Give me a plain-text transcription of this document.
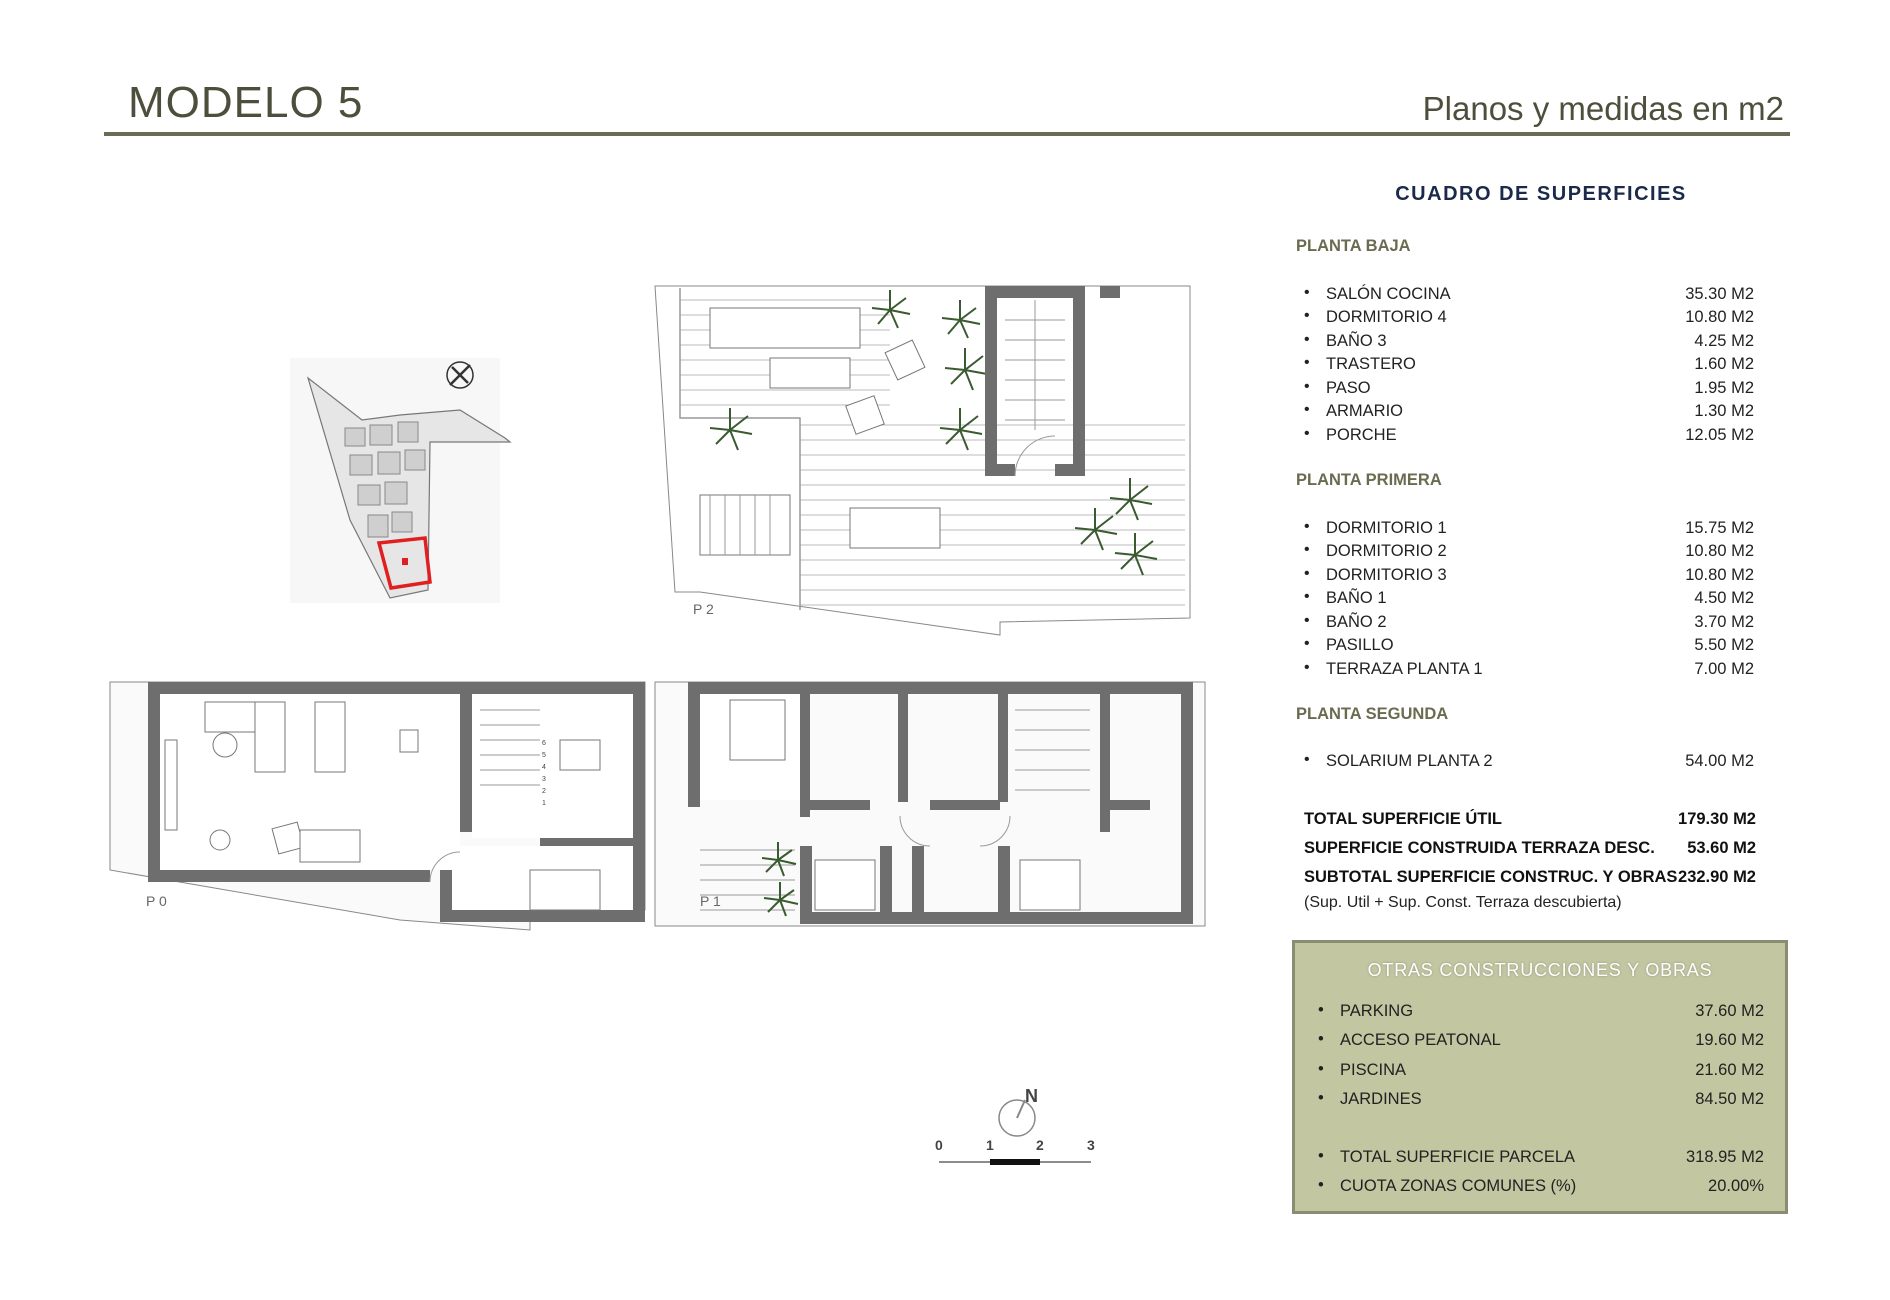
MODELO 5	Planos y medidas en m2
P 2
6
5
4
3
2
1
P 0	P 1
N
0	1	2	3
CUADRO DE SUPERFICIES
PLANTA BAJA
• SALÓN COCINA	35.30 M2
• DORMITORIO 4	10.80 M2
• BAÑO 3	4.25 M2
• TRASTERO	1.60 M2
• PASO	1.95 M2
• ARMARIO	1.30 M2
• PORCHE	12.05 M2
PLANTA PRIMERA
• DORMITORIO 1	15.75 M2
• DORMITORIO 2	10.80 M2
• DORMITORIO 3	10.80 M2
• BAÑO 1	4.50 M2
• BAÑO 2	3.70 M2
• PASILLO	5.50 M2
• TERRAZA PLANTA 1	7.00 M2
PLANTA SEGUNDA
• SOLARIUM PLANTA 2	54.00 M2
TOTAL SUPERFICIE ÚTIL	179.30 M2
SUPERFICIE CONSTRUIDA TERRAZA DESC. 53.60 M2
SUBTOTAL SUPERFICIE CONSTRUC. Y OBRAS 232.90 M2
(Sup. Util + Sup. Const. Terraza descubierta)
OTRAS CONSTRUCCIONES Y OBRAS
• PARKING	37.60 M2
• ACCESO PEATONAL	19.60 M2
• PISCINA	21.60 M2
• JARDINES	84.50 M2
• TOTAL SUPERFICIE PARCELA	318.95 M2
• CUOTA ZONAS COMUNES (%)	20.00%
